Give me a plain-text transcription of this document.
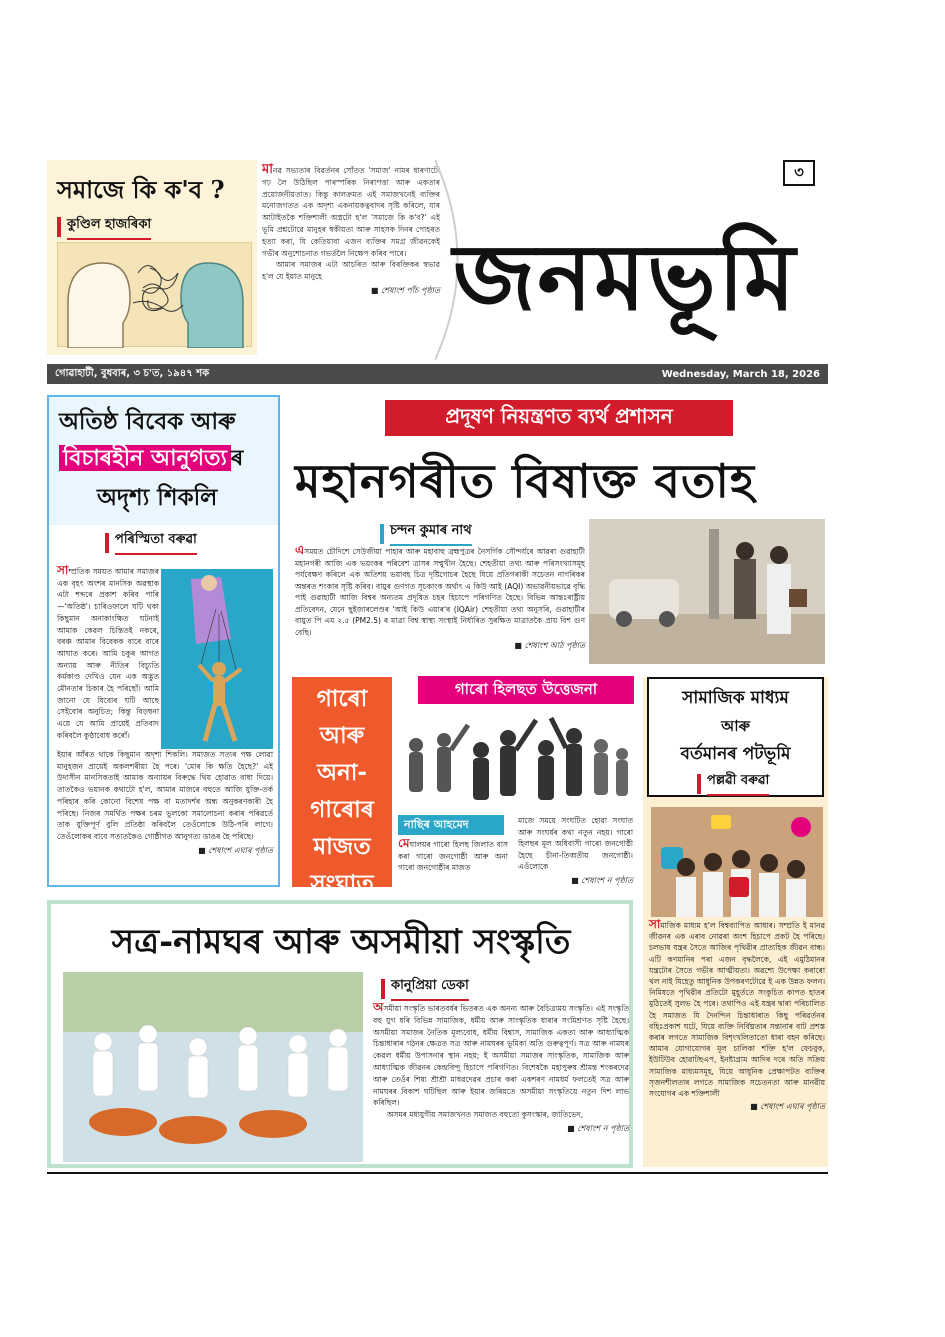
সমাজে কি ক'ব ?
কুণ্ডিল হাজৰিকা
মানৱ সভ্যতাৰ বিৱৰ্তনৰ সোঁতত 'সমাজ' নামৰ ধাৰণাটো গঢ় লৈ উঠিছিল পাৰস্পৰিক নিৰাপত্তা আৰু একতাৰ প্ৰয়োজনীয়তাত। কিন্তু কালক্ৰমত এই সমাজখনেই ব্যক্তিৰ মনোজগতত এক অদৃশ্য একনায়কত্ববাদৰ সৃষ্টি কৰিলে, যাৰ আটাইতকৈ শক্তিশালী অস্ত্ৰটো হ'ল 'সমাজে কি ক'ব?' এই ভূমি প্ৰশ্নটোৱে মানুহৰ স্বকীয়তা আৰু সাহসক দিনৰ পোহৰত হত্যা কৰা, যি কেতিয়াবা এজন ব্যক্তিৰ সমগ্ৰ জীৱনকেই গভীৰ অনুশোচনাত গভৰ্তলৈ নিক্ষেপ কৰিব পাৰে।
আমাৰ সমাজৰ এটা আচৰিত আৰু বিৰক্তিকৰ স্বভাৱ হ'ল যে ইয়াত মানুহে
■ শেষাংশ পাঁচ পৃষ্ঠাত
৩
জনমভূমি
গোৱাহাটী, বুধবাৰ, ৩ চ'ত, ১৯৪৭ শক	Wednesday, March 18, 2026
অতিষ্ঠ বিবেক আৰু
বিচাৰহীন আনুগত্য ৰ
অদৃশ্য শিকলি
পৰিস্মিতা বৰুৱা
সাম্প্ৰতিক সময়ত আমাৰ সমাজৰ এক বৃহৎ অংশৰ মানসিক অৱস্থাক এটা শব্দৰে প্ৰকাশ কৰিব পাৰি—'অতিষ্ঠ'। চাৰিওফালে ঘটি থকা কিছুমান অনাকাংক্ষিত ঘটনাই আমাক কেৱল চিন্তিতই নকৰে, বৰঞ্চ আমাৰ বিবেকক বাৰে বাৰে আঘাত কৰে। আমি চকুৰ আগত অন্যায় আৰু নীতিৰ বিচ্যুতি কৰ্মকাণ্ড দেখিও যেন এক অদ্ভুত মৌনতাৰ চিকাৰ হৈ পৰিছোঁ। আমি জানো যে যিবোৰ ঘটি আছে সেইবোৰ অনুচিত; কিন্তু বিড়ম্বনা এয়ে যে আমি প্ৰায়েই প্ৰতিবাদ কৰিবলৈ কুণ্ঠাবোধ কৰোঁ।
ইয়াৰ আঁৰত থাকে কিছুমান অদৃশ্য শিকলি। সমাজত সত্যৰ পক্ষ লোৱা মানুহজন প্ৰায়েই অকলশৰীয়া হৈ পৰে। 'মোৰ কি ক্ষতি হৈছে?' এই উদাসীন মানসিকতাই আমাক অন্যায়ৰ বিৰুদ্ধে থিয় হোৱাত বাধা দিয়ে। তাতকৈও ভয়ানক কথাটো হ'ল, আমাৰ মাজৰে বহুতে আজি যুক্তি-তৰ্ক পৰিহাৰ কৰি কোনো বিশেষ পক্ষ বা মতাদৰ্শৰ অন্ধ অনুকৰণকাৰী হৈ পৰিছে। নিজৰ সমৰ্থিত পক্ষৰ চৰম ভুলকো সমালোচনা কৰাৰ পৰিৱৰ্তে তাক যুক্তিপূৰ্ণ বুলি প্ৰতিষ্ঠা কৰিবলৈ তেওঁলোকে উঠি-পৰি লাগে। তেওঁলোকৰ বাবে সত্যতকৈও গোষ্ঠীগত আনুগত্য ডাঙৰ হৈ পৰিছে।
■ শেষাংশ এঘাৰ পৃষ্ঠাত
প্ৰদূষণ নিয়ন্ত্ৰণত ব্যৰ্থ প্ৰশাসন
মহানগৰীত বিষাক্ত বতাহ
চন্দন কুমাৰ নাথ
এসময়ত চৌদিশে সেউজীয়া পাহাৰ আৰু মহাবাহু ব্ৰহ্মপুত্ৰৰ নৈসৰ্গিক সৌন্দৰ্যৰে আৱৰা গুৱাহাটী মহানগৰী আজি এক ভয়ংকৰ পৰিবেশ ত্ৰাসৰ সন্মুখীন হৈছে। শেহতীয়া তথ্য আৰু পৰিসংখ্যাসমূহ পৰ্যবেক্ষণ কৰিলে এক অতিশয় ভয়াবহ চিত্ৰ দৃষ্টিগোচৰ হৈছে যিয়ে প্ৰতিগৰাকী সচেতন নাগৰিকৰ অন্তৰত শংকাৰ সৃষ্টি কৰিব। বায়ুৰ গুণগত সূচকাংক অৰ্থাৎ এ কিউ আই (AQI) অভাৱনীয়ভাৱে বৃদ্ধি পাই গুৱাহাটী আজি বিশ্বৰ অন্যতম প্ৰদূষিত চহৰ হিচাপে পৰিগণিত হৈছে। বিভিন্ন আন্তঃৰাষ্ট্ৰীয় প্ৰতিবেদন, যেনে ছুইজাৰলেণ্ডৰ 'আই কিউ এয়াৰ'ৰ (IQAir) শেহতীয়া তথ্য অনুসৰি, গুৱাহাটীৰ বায়ুত পি এম ২.৫ (PM2.5) ৰ মাত্ৰা বিশ্ব স্বাস্থ্য সংস্থাই নিৰ্ধাৰিত সুৰক্ষিত মাত্ৰাতকৈ প্ৰায় বিশ গুণ বেছি।
■ শেষাংশ আঠ পৃষ্ঠাত
গাৰো
আৰু
অনা-
গাৰোৰ
মাজত
সংঘাত
গাৰো হিলছত উত্তেজনা
নাছিৰ আহমেদ
মেঘালয়ৰ গাৰো হিলছ জিলাত বাস কৰা গাৰো জনগোষ্ঠী আৰু অনা গাৰো জনগোষ্ঠীৰ মাজত
মাজে সময়ে সংঘটিত হোৱা সংঘাত আৰু সংঘৰ্ষৰ কথা নতুন নহয়। গাৰো হিলছৰ মূল অধিবাসী গাৰো জনগোষ্ঠী হৈছে চীনা-তিব্বতীয় জনগোষ্ঠী। এওঁলোকে
■ শেষাংশ ন পৃষ্ঠাত
সামাজিক মাধ্যম
আৰু
বৰ্তমানৰ পটভূমি
পল্লৱী বৰুৱা
সামাজিক মাধ্যম হ'ল বিশ্বব্যাপিত আধাৰ। সম্প্ৰতি ই মানৱ জীৱনৰ এক এৰাব নোৱৰা অংশ হিচাপে প্ৰকট হৈ পৰিছে। চলভাষ যন্ত্ৰৰ সৈতে আজিৰ পৃথিৱীৰ প্ৰাত্যহিক জীৱন বান্ধ। এটি কণমানিৰ পৰা এজন বৃদ্ধলৈকে, এই এমুঠিমানৰ যন্ত্ৰটোৰ সৈতে গভীৰ আত্মীয়তা। অৱশ্যে উপেক্ষা কৰাৰো থল নাই যিহেতু আধুনিক উপকৰণটোৱে ই এক উন্নত ফলন। নিমিষতে পৃথিৱীৰ প্ৰতিটো মুহূৰ্ততে সংকুচিত কাপত হাতৰ মুঠিতেই সুলভ হৈ পৰে। তথাপিও এই যন্ত্ৰৰ দ্বাৰা পৰিচালিত হৈ সমাজত যি দৈনন্দিন চিন্তাধাৰাত কিছু পৰিৱৰ্তনৰ বহিঃপ্ৰকাশ ঘটে, যিয়ে ব্যক্তি নিৰ্বিঘ্নতাৰ সন্তানাৰ বাট প্ৰশস্ত কৰাৰ লগতে সামাজিক বিশৃংখলিতাতো ধাৰা বহন কৰিছে। আমাৰ যোগাযোগৰ মূল চালিকা শক্তি হ'ল ফেচবুক, ইউটিউব হোৱাটছএপ, ইনষ্টাগ্ৰাম আদিৰ দৰে অতি সক্ৰিয় সামাজিক মাধ্যমসমূহ, যিয়ে আধুনিক প্ৰেক্ষাপটত ব্যক্তিৰ সৃজনশীলতাৰ লগতে সামাজিক সচেতনতা আৰু মানৱীয় সংযোগৰ এক শক্তিশালী
■ শেষাংশ এঘাৰ পৃষ্ঠাত
সত্ৰ-নামঘৰ আৰু অসমীয়া সংস্কৃতি
কানুপ্ৰিয়া ডেকা
অসমীয়া সংস্কৃতি ভাৰতবৰ্ষৰ ভিতৰত এক অনন্য আৰু বৈচিত্ৰ্যময় সংস্কৃতি। এই সংস্কৃতি বহু যুগ ধৰি বিভিন্ন সামাজিক, ধৰ্মীয় আৰু সাংস্কৃতিক ধাৰাৰ সংমিশ্ৰণত সৃষ্টি হৈছে। অসমীয়া সমাজৰ নৈতিক মূল্যবোধ, ধৰ্মীয় বিশ্বাস, সামাজিক একতা আৰু আধ্যাত্মিক চিন্তাধাৰাৰ গঠনৰ ক্ষেত্ৰত সত্ৰ আৰু নামঘৰৰ ভূমিকা অতি গুৰুত্বপূৰ্ণ। সত্ৰ আৰু নামঘৰ কেৱল ধৰ্মীয় উপাসনাৰ স্থান নহয়; ই অসমীয়া সমাজৰ সাংস্কৃতিক, সামাজিক আৰু আধ্যাত্মিক জীৱনৰ কেন্দ্ৰবিন্দু হিচাপে পৰিগণিত। বিশেষকৈ মহাপুৰুষ শ্ৰীমন্ত শংকৰদেৱ আৰু তেওঁৰ শিষ্য শ্ৰীশ্ৰী মাধৱদেৱৰ প্ৰচাৰ কৰা একশৰণ নামধৰ্ম ফলতেই সত্ৰ আৰু নামঘৰৰ বিকাশ ঘটিছিল আৰু ইয়াৰ জৰিয়তে অসমীয়া সংস্কৃতিয়ে নতুন দিশ লাভ কৰিছিল।
অসমৰ মধ্যযুগীয় সমাজখনত সমাজত বহুতো কুসংস্কাৰ, জাতিভেদ,
■ শেষাংশ ন পৃষ্ঠাত
